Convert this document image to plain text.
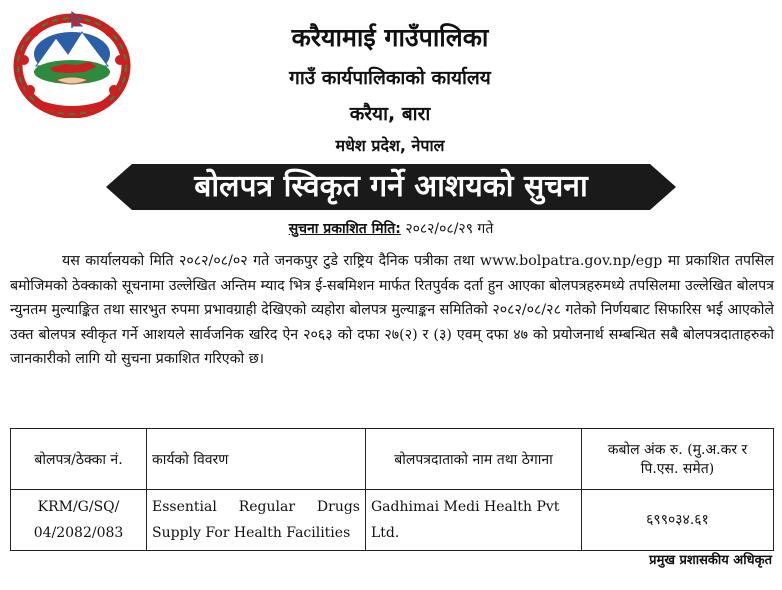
करैयामाई गाउँपालिका
गाउँ कार्यपालिकाको कार्यालय
करैया, बारा
मधेश प्रदेश, नेपाल
बोलपत्र स्विकृत गर्ने आशयको सुचना
सुचना प्रकाशित मिति: २०८२/०८/२९ गते
यस कार्यालयको मिति २०८२/०८/०२ गते जनकपुर टुडे राष्ट्रिय दैनिक पत्रीका तथा www.bolpatra.gov.np/egp मा प्रकाशित तपसिल बमोजिमको ठेक्काको सूचनामा उल्लेखित अन्तिम म्याद भित्र ई-सबमिशन मार्फत रितपुर्वक दर्ता हुन आएका बोलपत्रहरुमध्ये तपसिलमा उल्लेखित बोलपत्र न्युनतम मुल्याङ्कित तथा सारभुत रुपमा प्रभावग्राही देखिएको व्यहोरा बोलपत्र मुल्याङ्कन समितिको २०८२/०८/२८ गतेको निर्णयबाट सिफारिस भई आएकोले उक्त बोलपत्र स्वीकृत गर्ने आशयले सार्वजनिक खरिद ऐन २०६३ को दफा २७(२) र (३) एवम् दफा ४७ को प्रयोजनार्थ सम्बन्धित सबै बोलपत्रदाताहरुको जानकारीको लागि यो सुचना प्रकाशित गरिएको छ।
बोलपत्र/ठेक्का नं.	कार्यको विवरण	बोलपत्रदाताको नाम तथा ठेगाना	कबोल अंक रु. (मु.अ.कर र पि.एस. समेत)
KRM/G/SQ/ 04/2082/083	Essential Regular Drugs Supply For Health Facilities	Gadhimai Medi Health Pvt Ltd.	६९९०३४.६१
प्रमुख प्रशासकीय अधिकृत
